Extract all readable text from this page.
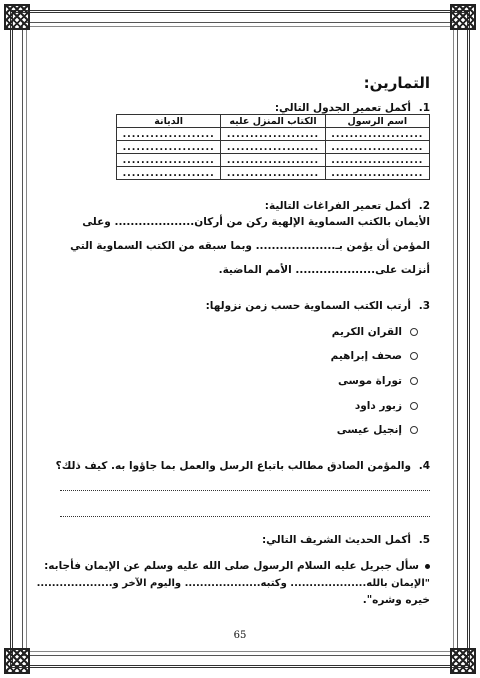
التمارين:
1. أكمل تعمير الجدول التالي:
اسم الرسول	الكتاب المنزل عليه	الديانة
....................	....................	....................
....................	....................	....................
....................	....................	....................
....................	....................	....................
2. أكمل تعمير الفراغات التالية:
الأيمان بالكتب السماوية الإلهية ركن من أركان.................... وعلى
المؤمن أن يؤمن بـ.................... وبما سبقه من الكتب السماوية التي
أنزلت على.................... الأمم الماضية.
3. أرتب الكتب السماوية حسب زمن نزولها:
القران الكريم
صحف إبراهيم
توراة موسى
زبور داود
إنجيل عيسى
4. والمؤمن الصادق مطالب باتباع الرسل والعمل بما جاؤوا به. كيف ذلك؟
5. أكمل الحديث الشريف التالي:
سأل جبريل عليه السلام الرسول صلى الله عليه وسلم عن الإيمان فأجابه:
"الإيمان بالله.................... وكتبه.................... واليوم الآخر و....................
خيره وشره".
65
